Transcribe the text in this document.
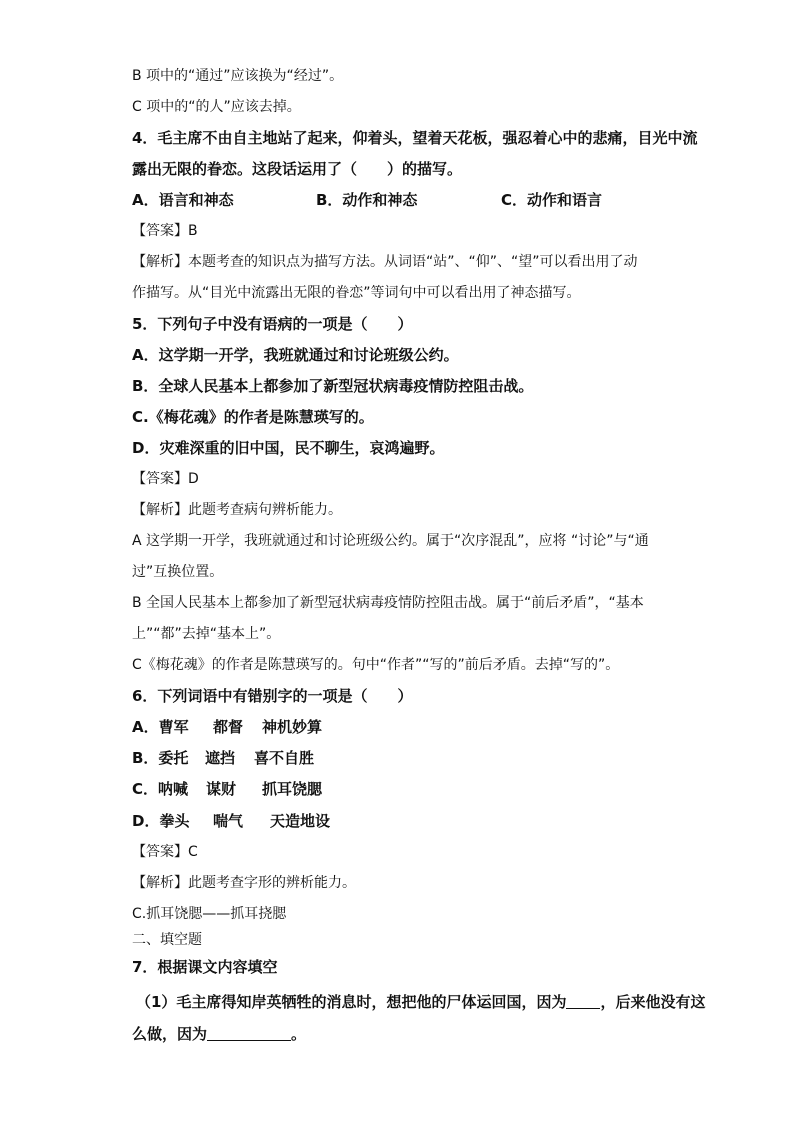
B 项中的“通过”应该换为“经过”。
C 项中的“的人”应该去掉。
4．毛主席不由自主地站了起来，仰着头，望着天花板，强忍着心中的悲痛，目光中流
露出无限的眷恋。这段话运用了（　　）的描写。
A．语言和神态	B．动作和神态	C．动作和语言
【答案】B
【解析】本题考查的知识点为描写方法。从词语“站”、“仰”、“望”可以看出用了动
作描写。从“目光中流露出无限的眷恋”等词句中可以看出用了神态描写。
5．下列句子中没有语病的一项是（　　）
A．这学期一开学，我班就通过和讨论班级公约。
B．全球人民基本上都参加了新型冠状病毒疫情防控阻击战。
C.《梅花魂》的作者是陈慧瑛写的。
D．灾难深重的旧中国，民不聊生，哀鸿遍野。
【答案】D
【解析】此题考查病句辨析能力。
A 这学期一开学，我班就通过和讨论班级公约。属于“次序混乱”，应将 “讨论”与“通
过”互换位置。
B 全国人民基本上都参加了新型冠状病毒疫情防控阻击战。属于“前后矛盾”，“基本
上”“都”去掉“基本上”。
C《梅花魂》的作者是陈慧瑛写的。句中“作者”“写的”前后矛盾。去掉“写的”。
6．下列词语中有错别字的一项是（　　）
A．曹军 都督 神机妙算
B．委托 遮挡 喜不自胜
C．呐喊 谋财 抓耳饶腮
D．拳头 喘气 天造地设
【答案】C
【解析】此题考查字形的辨析能力。
C.抓耳饶腮——抓耳挠腮
二、填空题
7．根据课文内容填空
（1）毛主席得知岸英牺牲的消息时，想把他的尸体运回国，因为 ，后来他没有这
么做，因为	。
